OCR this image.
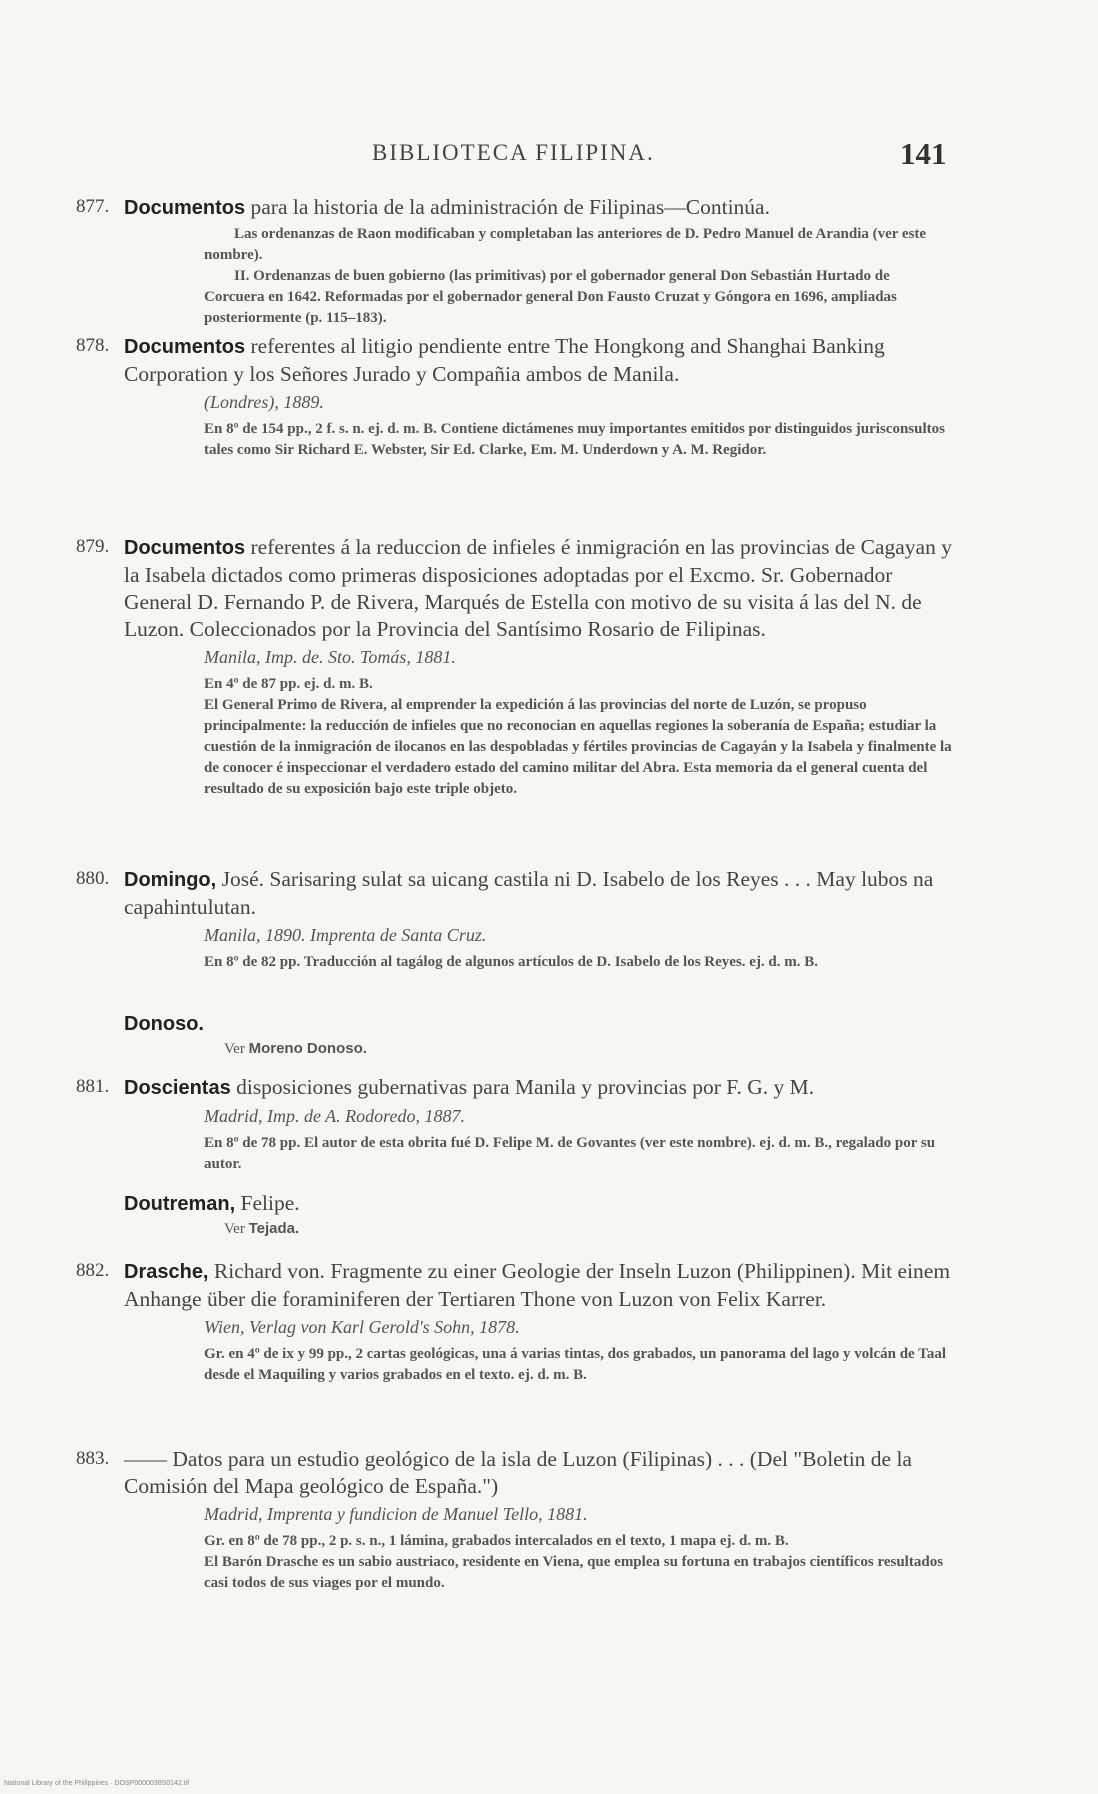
BIBLIOTECA FILIPINA.	141
877. Documentos para la historia de la administración de Filipinas—Continúa.

Las ordenanzas de Raon modificaban y completaban las anteriores de D. Pedro Manuel de Arandia (ver este nombre).

II. Ordenanzas de buen gobierno (las primitivas) por el gobernador general Don Sebastián Hurtado de Corcuera en 1642. Reformadas por el gobernador general Don Fausto Cruzat y Góngora en 1696, ampliadas posteriormente (p. 115–183).

878. Documentos referentes al litigio pendiente entre The Hongkong and Shanghai Banking Corporation y los Señores Jurado y Compañia ambos de Manila.

(Londres), 1889.

En 8º de 154 pp., 2 f. s. n. ej. d. m. B. Contiene dictámenes muy importantes emitidos por distinguidos jurisconsultos tales como Sir Richard E. Webster, Sir Ed. Clarke, Em. M. Underdown y A. M. Regidor.

879. Documentos referentes á la reduccion de infieles é inmigración en las provincias de Cagayan y la Isabela dictados como primeras disposiciones adoptadas por el Excmo. Sr. Gobernador General D. Fernando P. de Rivera, Marqués de Estella con motivo de su visita á las del N. de Luzon. Coleccionados por la Provincia del Santísimo Rosario de Filipinas.

Manila, Imp. de. Sto. Tomás, 1881.

En 4º de 87 pp. ej. d. m. B.

El General Primo de Rivera, al emprender la expedición á las provincias del norte de Luzón, se propuso principalmente: la reducción de infieles que no reconocian en aquellas regiones la soberanía de España; estudiar la cuestión de la inmigración de ilocanos en las despobladas y fértiles provincias de Cagayán y la Isabela y finalmente la de conocer é inspeccionar el verdadero estado del camino militar del Abra. Esta memoria da el general cuenta del resultado de su exposición bajo este triple objeto.

880. Domingo, José. Sarisaring sulat sa uicang castila ni D. Isabelo de los Reyes . . . May lubos na capahintulutan.

Manila, 1890. Imprenta de Santa Cruz.

En 8º de 82 pp. Traducción al tagálog de algunos artículos de D. Isabelo de los Reyes. ej. d. m. B.

Donoso.

Ver Moreno Donoso.

881. Doscientas disposiciones gubernativas para Manila y provincias por F. G. y M.

Madrid, Imp. de A. Rodoredo, 1887.

En 8º de 78 pp. El autor de esta obrita fué D. Felipe M. de Govantes (ver este nombre). ej. d. m. B., regalado por su autor.

Doutreman, Felipe.

Ver Tejada.

882. Drasche, Richard von. Fragmente zu einer Geologie der Inseln Luzon (Philippinen). Mit einem Anhange über die foraminiferen der Tertiaren Thone von Luzon von Felix Karrer.

Wien, Verlag von Karl Gerold's Sohn, 1878.

Gr. en 4º de ix y 99 pp., 2 cartas geológicas, una á varias tintas, dos grabados, un panorama del lago y volcán de Taal desde el Maquiling y varios grabados en el texto. ej. d. m. B.

883. —— Datos para un estudio geológico de la isla de Luzon (Filipinas) . . . (Del "Boletin de la Comisión del Mapa geológico de España.")

Madrid, Imprenta y fundicion de Manuel Tello, 1881.

Gr. en 8º de 78 pp., 2 p. s. n., 1 lámina, grabados intercalados en el texto, 1 mapa ej. d. m. B.

El Barón Drasche es un sabio austriaco, residente en Viena, que emplea su fortuna en trabajos científicos resultados casi todos de sus viages por el mundo.

National Library of the Philippines · DOSP0000038S0142.tif
